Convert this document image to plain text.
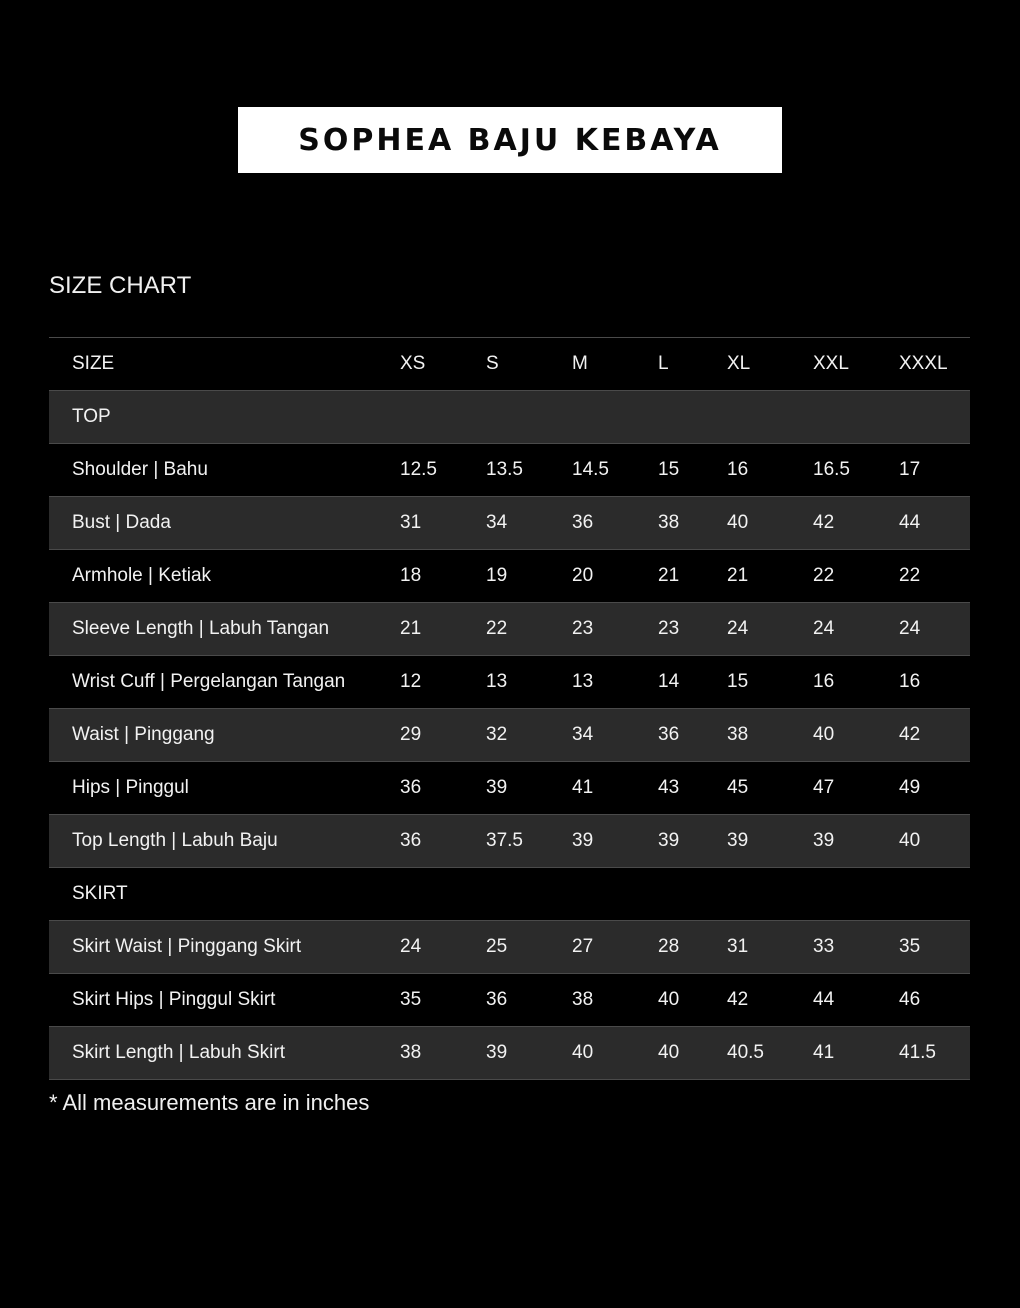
SOPHEA BAJU KEBAYA
SIZE CHART
SIZE	XS	S	M	L	XL	XXL	XXXL
TOP							
Shoulder | Bahu	12.5	13.5	14.5	15	16	16.5	17
Bust | Dada	31	34	36	38	40	42	44
Armhole | Ketiak	18	19	20	21	21	22	22
Sleeve Length | Labuh Tangan	21	22	23	23	24	24	24
Wrist Cuff | Pergelangan Tangan	12	13	13	14	15	16	16
Waist | Pinggang	29	32	34	36	38	40	42
Hips | Pinggul	36	39	41	43	45	47	49
Top Length | Labuh Baju	36	37.5	39	39	39	39	40
SKIRT							
Skirt Waist | Pinggang Skirt	24	25	27	28	31	33	35
Skirt Hips | Pinggul Skirt	35	36	38	40	42	44	46
Skirt Length | Labuh Skirt	38	39	40	40	40.5	41	41.5
* All measurements are in inches
